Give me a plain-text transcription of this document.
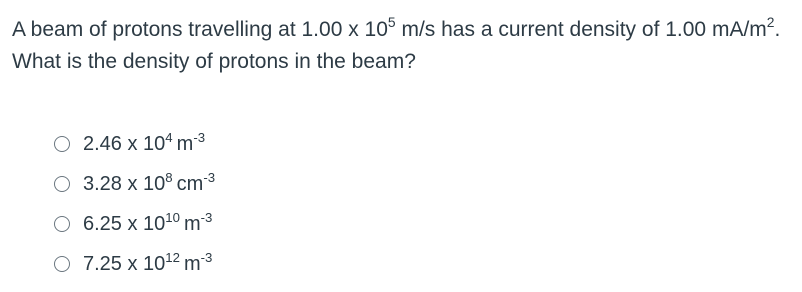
A beam of protons travelling at 1.00 x $10^5$ m/s has a current density of 1.00 $mA/m^2$. What is the density of protons in the beam?
2.46 x $10^4$ $m^{-3}$
3.28 x $10^8$ $cm^{-3}$
6.25 x $10^{10}$ $m^{-3}$
7.25 x $10^{12}$ $m^{-3}$
